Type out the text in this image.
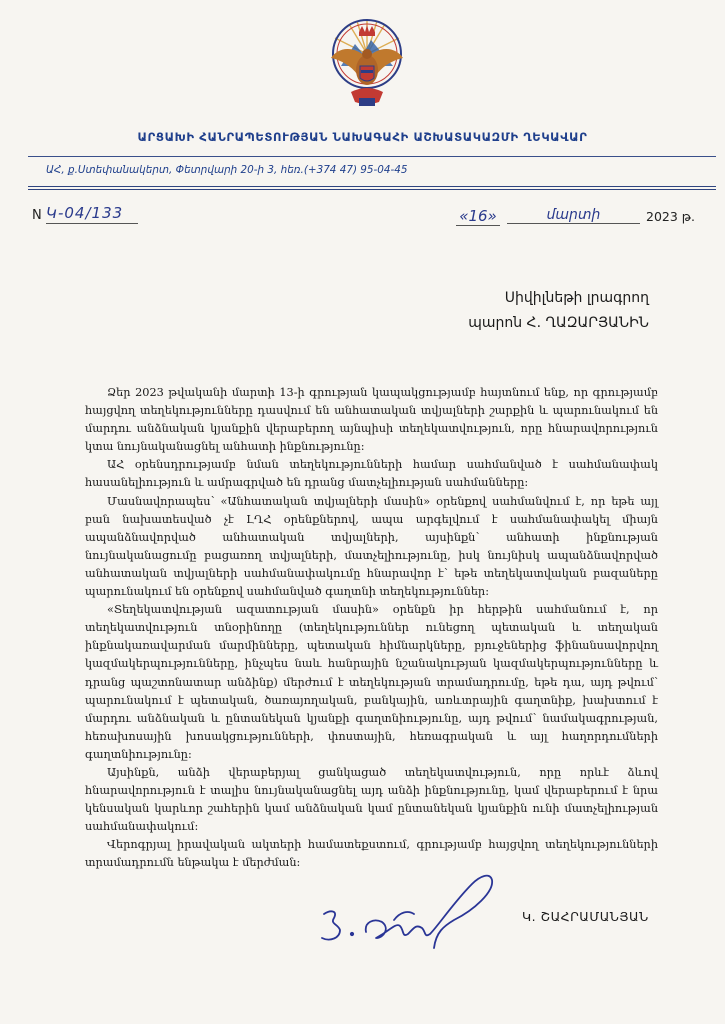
ԱՐՑԱԽԻ ՀԱՆՐԱՊԵՏՈՒԹՅԱՆ ՆԱԽԱԳԱՀԻ ԱՇԽԱՏԱԿԱԶՄԻ ՂԵԿԱՎԱՐ
ԱՀ, ք.Ստեփանակերտ, Փետրվարի 20-ի 3, հեռ.(+374 47) 95-04-45
N Կ-04/133	«16»	մարտի	2023 թ.
Սիվիլնեթի լրագրող
պարոն Հ. ՂԱԶԱՐՅԱՆԻՆ

Ձեր 2023 թվականի մարտի 13-ի գրության կապակցությամբ հայտնում ենք, որ գրությամբ հայցվող տեղեկությունները դասվում են անհատական տվյալների շարքին և պարունակում են մարդու անձնական կյանքին վերաբերող այնպիսի տեղեկատվություն, որը հնարավորություն կտա նույնականացնել անհատի ինքնությունը:

ԱՀ օրենսդրությամբ նման տեղեկությունների համար սահմանված է սահմանափակ հասանելիություն և ամրագրված են դրանց մատչելիության սահմանները:

Մասնավորապես՝ «Անհատական տվյալների մասին» օրենքով սահմանվում է, որ եթե այլ բան նախատեսված չէ ԼՂՀ օրենքներով, ապա արգելվում է սահմանափակել միայն ապանձնավորված անհատական տվյալների, այսինքն՝ անհատի ինքնության նույնականացումը բացառող տվյալների, մատչելիությունը, իսկ նույնիսկ ապանձնավորված անհատական տվյալների սահմանափակումը հնարավոր է՝ եթե տեղեկատվական բազաները պարունակում են օրենքով սահմանված գաղտնի տեղեկություններ:

«Տեղեկատվության ազատության մասին» օրենքն իր հերթին սահմանում է, որ տեղեկատվություն տնօրինողը (տեղեկություններ ունեցող պետական և տեղական ինքնակառավարման մարմինները, պետական հիմնարկները, բյուջեներից ֆինանսավորվող կազմակերպությունները, ինչպես նաև հանրային նշանակության կազմակերպությունները և դրանց պաշտոնատար անձինք) մերժում է տեղեկության տրամադրումը, եթե դա, այդ թվում՝ պարունակում է պետական, ծառայողական, բանկային, առևտրային գաղտնիք, խախտում է մարդու անձնական և ընտանեկան կյանքի գաղտնիությունը, այդ թվում՝ նամակագրության, հեռախոսային խոսակցությունների, փոստային, հեռագրական և այլ հաղորդումների գաղտնիությունը:

Այսինքն, անձի վերաբերյալ ցանկացած տեղեկատվություն, որը որևէ ձևով հնարավորություն է տալիս նույնականացնել այդ անձի ինքնությունը, կամ վերաբերում է նրա կենսական կարևոր շահերին կամ անձնական կամ ընտանեկան կյանքին ունի մատչելիության սահմանափակում:

Վերոգրյալ իրավական ակտերի համատեքստում, գրությամբ հայցվող տեղեկությունների տրամադրումն ենթակա է մերժման:

Կ. ՇԱՀՐԱՄԱՆՅԱՆ
